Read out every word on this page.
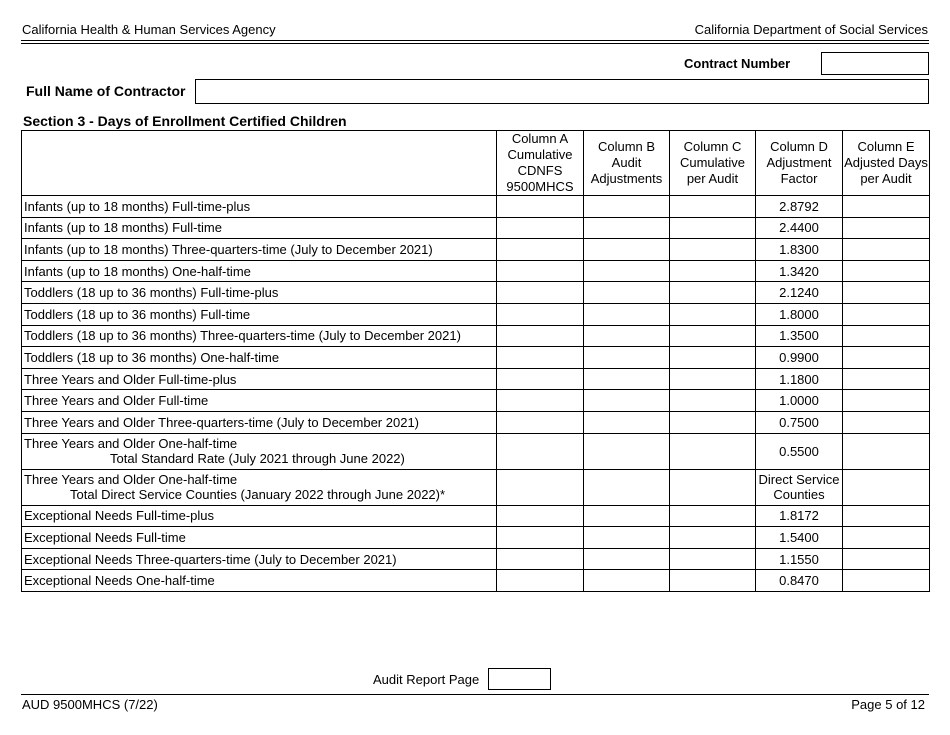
California Health & Human Services Agency	California Department of Social Services
Contract Number
Full Name of Contractor
Section 3 - Days of Enrollment Certified Children
	Column A Cumulative CDNFS 9500MHCS	Column B Audit Adjustments	Column C Cumulative per Audit	Column D Adjustment Factor	Column E Adjusted Days per Audit

Infants (up to 18 months) Full-time-plus				2.8792	

Infants (up to 18 months) Full-time				2.4400	

Infants (up to 18 months) Three-quarters-time (July to December 2021)				1.8300	

Infants (up to 18 months) One-half-time				1.3420	

Toddlers (18 up to 36 months) Full-time-plus				2.1240	

Toddlers (18 up to 36 months) Full-time				1.8000	

Toddlers (18 up to 36 months) Three-quarters-time (July to December 2021)				1.3500	

Toddlers (18 up to 36 months) One-half-time				0.9900	

Three Years and Older Full-time-plus				1.1800	

Three Years and Older Full-time				1.0000	

Three Years and Older Three-quarters-time (July to December 2021)				0.7500	

Three Years and Older One-half-time
Total Standard Rate (July 2021 through June 2022)				0.5500	

Three Years and Older One-half-time
Total Direct Service Counties (January 2022 through June 2022)*				Direct Service Counties	

Exceptional Needs Full-time-plus				1.8172	

Exceptional Needs Full-time				1.5400	

Exceptional Needs Three-quarters-time (July to December 2021)				1.1550	

Exceptional Needs One-half-time				0.8470	
Audit Report Page
AUD 9500MHCS (7/22)	Page 5 of 12
